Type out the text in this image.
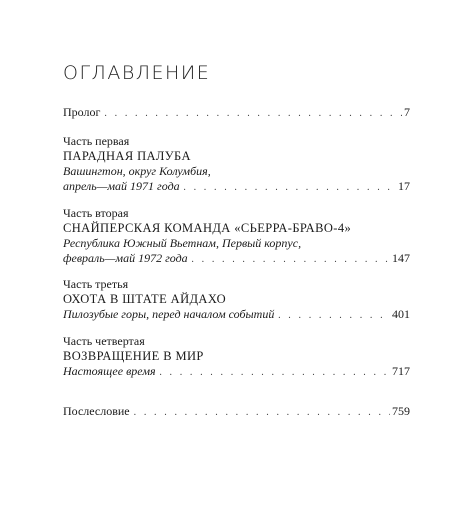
ОГЛАВЛЕНИЕ
Пролог . . .	7
Часть первая
ПАРАДНАЯ ПАЛУБА
Вашингтон, округ Колумбия,
апрель—май 1971 года . . .	17
Часть вторая
СНАЙПЕРСКАЯ КОМАНДА «СЬЕРРА-БРАВО-4»
Республика Южный Вьетнам, Первый корпус,
февраль—май 1972 года . . .	147
Часть третья
ОХОТА В ШТАТЕ АЙДАХО
Пилозубые горы, перед началом событий . . .	401
Часть четвертая
ВОЗВРАЩЕНИЕ В МИР
Настоящее время . . .	717
Послесловие . . .	759
